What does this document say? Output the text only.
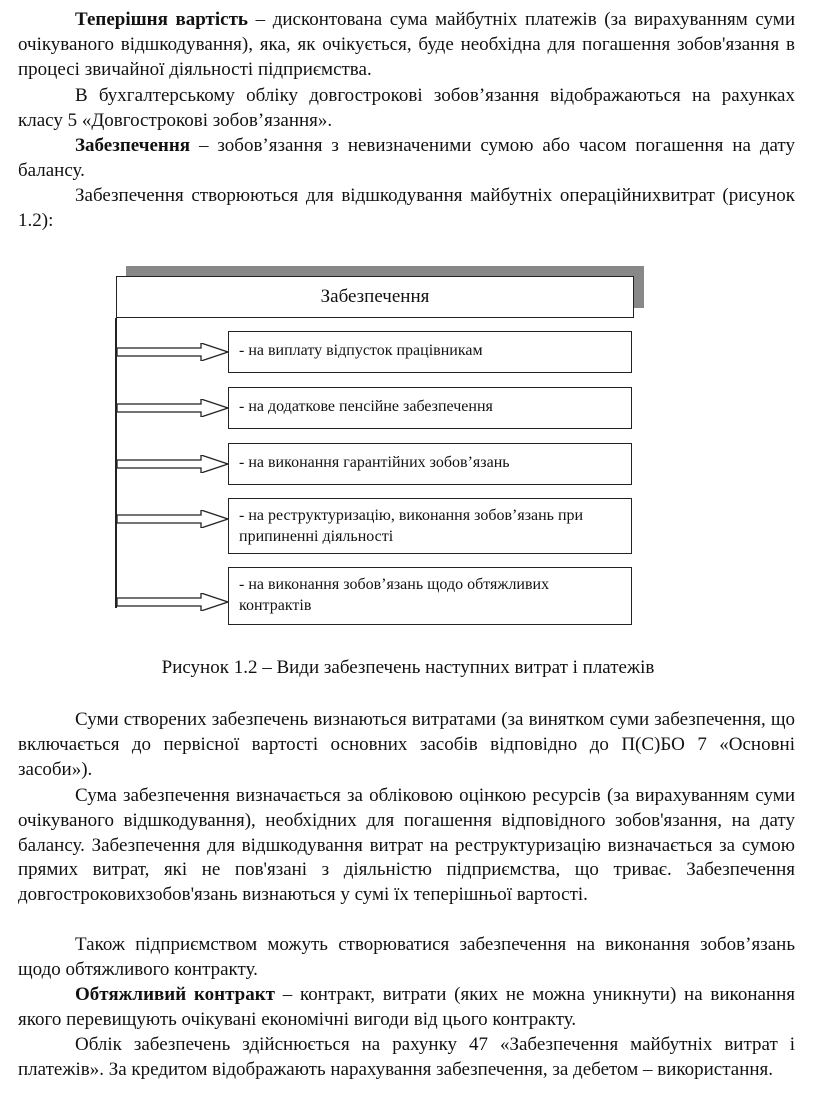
Теперішня вартість – дисконтована сума майбутніх платежів (за вирахуванням суми очікуваного відшкодування), яка, як очікується, буде необхідна для погашення зобов'язання в процесі звичайної діяльності підприємства.

В бухгалтерському обліку довгострокові зобов’язання відображаються на рахунках класу 5 «Довгострокові зобов’язання».

Забезпечення – зобов’язання з невизначеними сумою або часом погашення на дату балансу.

Забезпечення створюються для відшкодування майбутніх операційнихвитрат (рисунок 1.2):

Забезпечення
- на виплату відпусток працівникам
- на додаткове пенсійне забезпечення
- на виконання гарантійних зобов’язань
- на реструктуризацію, виконання зобов’язань при припиненні діяльності
- на виконання зобов’язань щодо обтяжливих контрактів
Рисунок 1.2 – Види забезпечень наступних витрат і платежів

Суми створених забезпечень визнаються витратами (за винятком суми забезпечення, що включається до первісної вартості основних засобів відповідно до П(С)БО 7 «Основні засоби»).

Сума забезпечення визначається за обліковою оцінкою ресурсів (за вирахуванням суми очікуваного відшкодування), необхідних для погашення відповідного зобов'язання, на дату балансу. Забезпечення для відшкодування витрат на реструктуризацію визначається за сумою прямих витрат, які не пов'язані з діяльністю підприємства, що триває. Забезпечення довгостроковихзобов'язань визнаються у сумі їх теперішньої вартості.

Також підприємством можуть створюватися забезпечення на виконання зобов’язань щодо обтяжливого контракту.

Обтяжливий контракт – контракт, витрати (яких не можна уникнути) на виконання якого перевищують очікувані економічні вигоди від цього контракту.

Облік забезпечень здійснюється на рахунку 47 «Забезпечення майбутніх витрат і платежів». За кредитом відображають нарахування забезпечення, за дебетом – використання.
